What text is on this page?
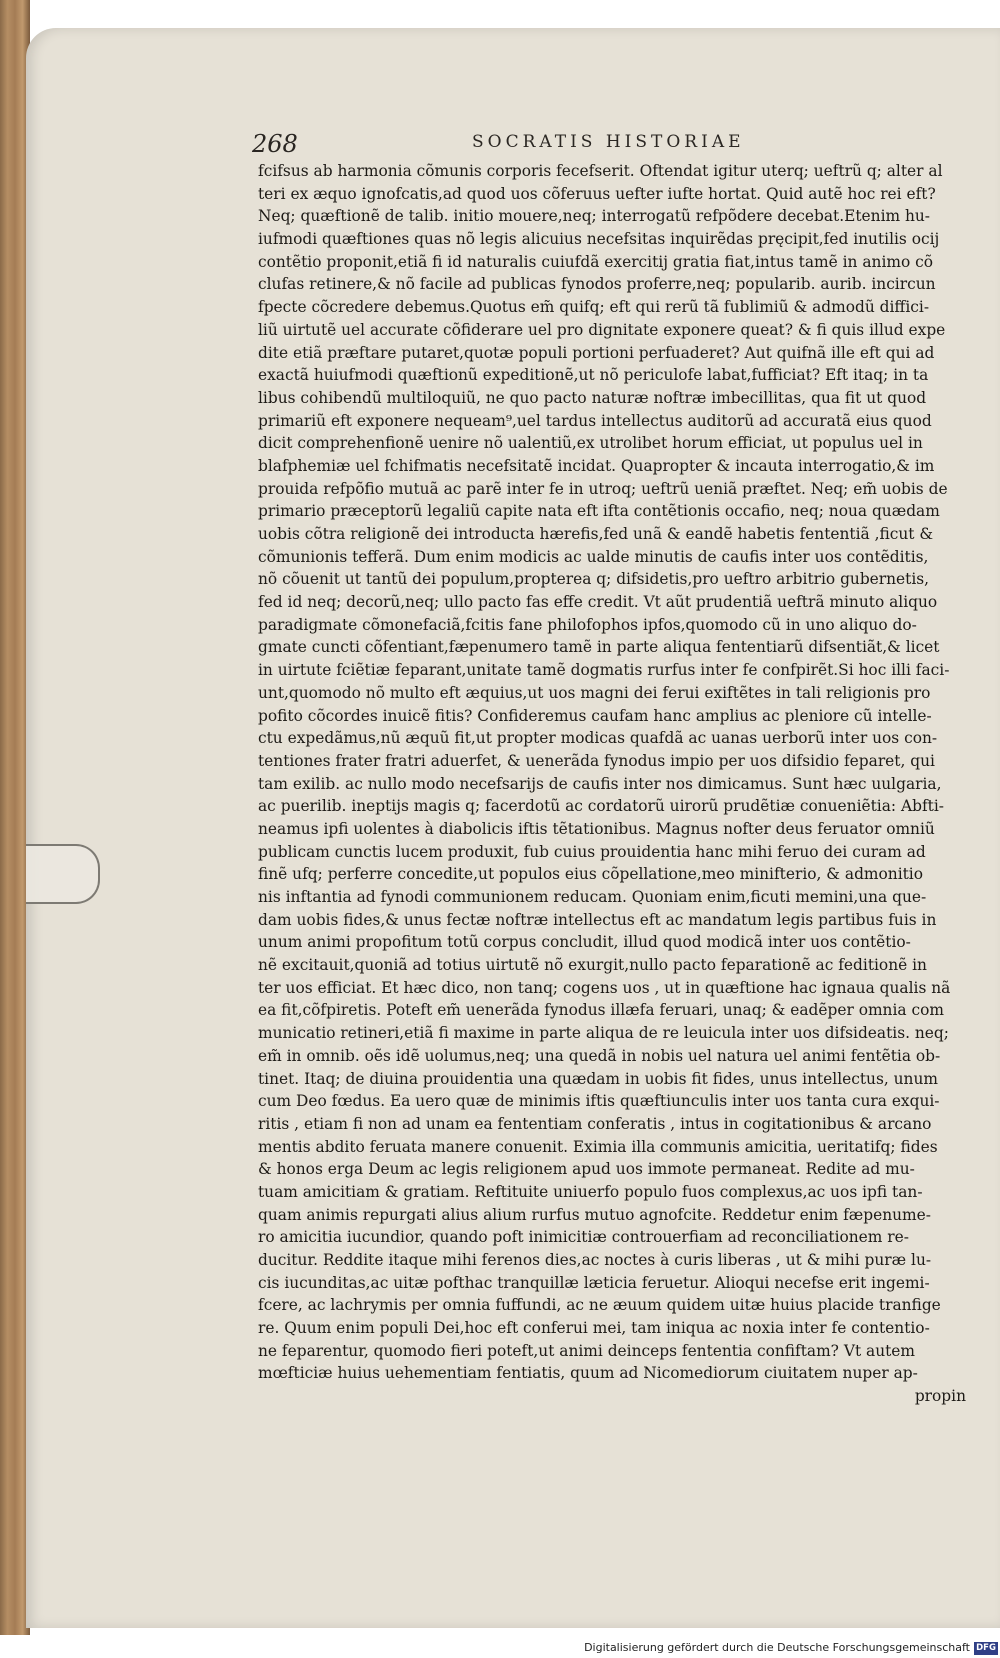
268	SOCRATIS HISTORIAE
fcifsus ab harmonia cõmunis corporis fecefserit. Oftendat igitur uterq; ueftrũ q; alter al
teri ex æquo ignofcatis,ad quod uos cõferuus uefter iufte hortat. Quid autẽ hoc rei eft?
Neq; quæftionẽ de talib. initio mouere,neq; interrogatũ refpõdere decebat.Etenim hu-
iufmodi quæftiones quas nõ legis alicuius necefsitas inquirẽdas pręcipit,fed inutilis ocij
contẽtio proponit,etiã fi id naturalis cuiufdã exercitij gratia fiat,intus tamẽ in animo cõ
clufas retinere,& nõ facile ad publicas fynodos proferre,neq; popularib. aurib. incircun
fpecte cõcredere debemus.Quotus em̃ quifq; eft qui rerũ tã fublimiũ & admodũ diffici-
liũ uirtutẽ uel accurate cõfiderare uel pro dignitate exponere queat? & fi quis illud expe
dite etiã præftare putaret,quotæ populi portioni perfuaderet? Aut quifnã ille eft qui ad
exactã huiufmodi quæftionũ expeditionẽ,ut nõ periculofe labat,fufficiat? Eft itaq; in ta
libus cohibendũ multiloquiũ, ne quo pacto naturæ noftræ imbecillitas, qua fit ut quod
primariũ eft exponere nequeam⁹,uel tardus intellectus auditorũ ad accuratã eius quod
dicit comprehenfionẽ uenire nõ ualentiũ,ex utrolibet horum efficiat, ut populus uel in
blafphemiæ uel fchifmatis necefsitatẽ incidat. Quapropter & incauta interrogatio,& im
prouida refpõfio mutuã ac parẽ inter fe in utroq; ueftrũ ueniã præftet. Neq; em̃ uobis de
primario præceptorũ legaliũ capite nata eft ifta contẽtionis occafio, neq; noua quædam
uobis cõtra religionẽ dei introducta hærefis,fed unã & eandẽ habetis fententiã ,ficut &
cõmunionis tefferã. Dum enim modicis ac ualde minutis de caufis inter uos contẽditis,
nõ cõuenit ut tantũ dei populum,propterea q; difsidetis,pro ueftro arbitrio gubernetis,
fed id neq; decorũ,neq; ullo pacto fas effe credit. Vt aũt prudentiã ueftrã minuto aliquo
paradigmate cõmonefaciã,fcitis fane philofophos ipfos,quomodo cũ in uno aliquo do-
gmate cuncti cõfentiant,fæpenumero tamẽ in parte aliqua fententiarũ difsentiãt,& licet
in uirtute fciẽtiæ feparant,unitate tamẽ dogmatis rurfus inter fe confpirẽt.Si hoc illi faci-
unt,quomodo nõ multo eft æquius,ut uos magni dei ferui exiftẽtes in tali religionis pro
pofito cõcordes inuicẽ fitis? Confideremus caufam hanc amplius ac pleniore cũ intelle-
ctu expedãmus,nũ æquũ fit,ut propter modicas quafdã ac uanas uerborũ inter uos con-
tentiones frater fratri aduerfet, & uenerãda fynodus impio per uos difsidio feparet, qui
tam exilib. ac nullo modo necefsarijs de caufis inter nos dimicamus. Sunt hæc uulgaria,
ac puerilib. ineptijs magis q; facerdotũ ac cordatorũ uirorũ prudẽtiæ conueniẽtia: Abfti-
neamus ipfi uolentes à diabolicis iftis tẽtationibus. Magnus nofter deus feruator omniũ
publicam cunctis lucem produxit, fub cuius prouidentia hanc mihi feruo dei curam ad
finẽ ufq; perferre concedite,ut populos eius cõpellatione,meo minifterio, & admonitio
nis inftantia ad fynodi communionem reducam. Quoniam enim,ficuti memini,una que-
dam uobis fides,& unus fectæ noftræ intellectus eft ac mandatum legis partibus fuis in
unum animi propofitum totũ corpus concludit, illud quod modicã inter uos contẽtio-
nẽ excitauit,quoniã ad totius uirtutẽ nõ exurgit,nullo pacto feparationẽ ac feditionẽ in
ter uos efficiat. Et hæc dico, non tanq; cogens uos , ut in quæftione hac ignaua qualis nã
ea fit,cõfpiretis. Poteft em̃ uenerãda fynodus illæfa feruari, unaq; & eadẽper omnia com
municatio retineri,etiã fi maxime in parte aliqua de re leuicula inter uos difsideatis. neq;
em̃ in omnib. oẽs idẽ uolumus,neq; una quedã in nobis uel natura uel animi fentẽtia ob-
tinet. Itaq; de diuina prouidentia una quædam in uobis fit fides, unus intellectus, unum
cum Deo fœdus. Ea uero quæ de minimis iftis quæftiunculis inter uos tanta cura exqui-
ritis , etiam fi non ad unam ea fententiam conferatis , intus in cogitationibus & arcano
mentis abdito feruata manere conuenit. Eximia illa communis amicitia, ueritatifq; fides
& honos erga Deum ac legis religionem apud uos immote permaneat. Redite ad mu-
tuam amicitiam & gratiam. Reftituite uniuerfo populo fuos complexus,ac uos ipfi tan-
quam animis repurgati alius alium rurfus mutuo agnofcite. Reddetur enim fæpenume-
ro amicitia iucundior, quando poft inimicitiæ controuerfiam ad reconciliationem re-
ducitur. Reddite itaque mihi ferenos dies,ac noctes à curis liberas , ut & mihi puræ lu-
cis iucunditas,ac uitæ pofthac tranquillæ læticia feruetur. Alioqui necefse erit ingemi-
fcere, ac lachrymis per omnia fuffundi, ac ne æuum quidem uitæ huius placide tranfige
re. Quum enim populi Dei,hoc eft conferui mei, tam iniqua ac noxia inter fe contentio-
ne feparentur, quomodo fieri poteft,ut animi deinceps fententia confiftam? Vt autem
mœfticiæ huius uehementiam fentiatis, quum ad Nicomediorum ciuitatem nuper ap-
propin
Digitalisierung gefördert durch die Deutsche Forschungsgemeinschaft DFG
